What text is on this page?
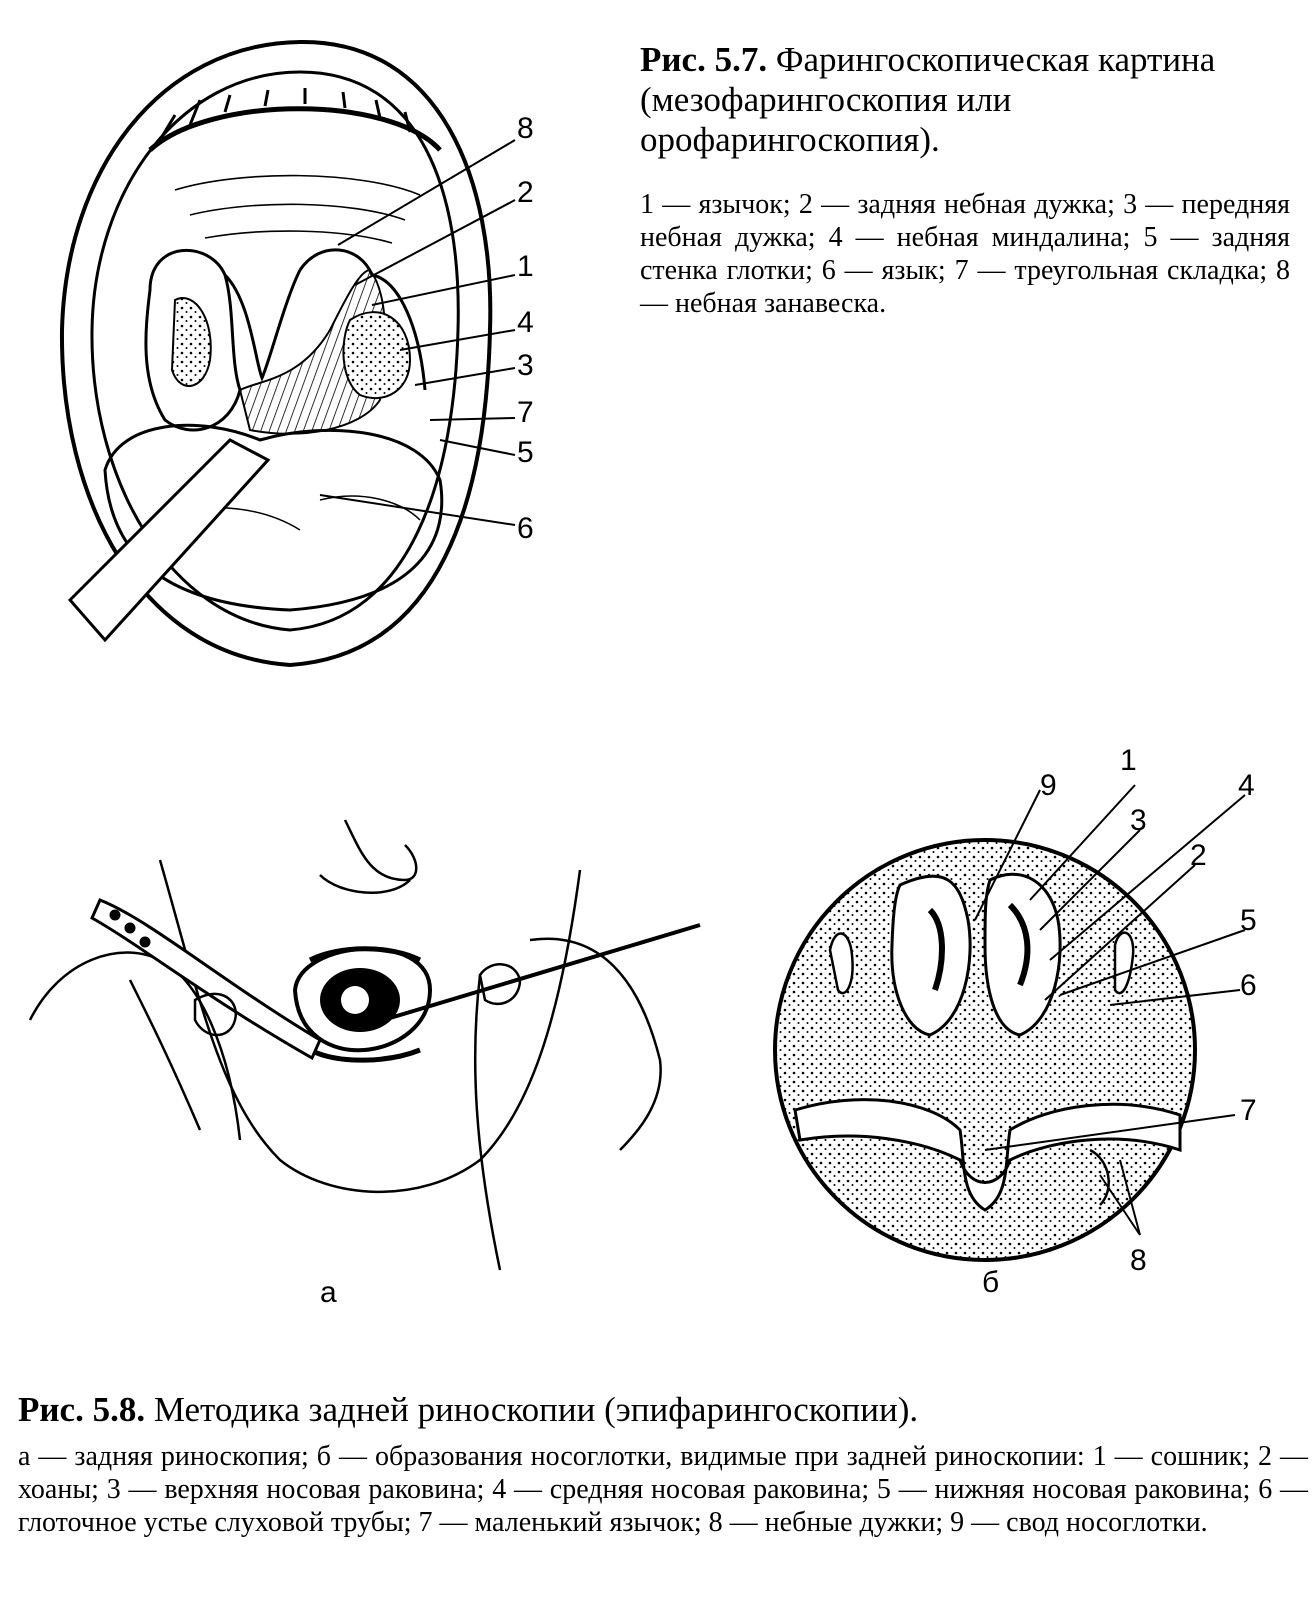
8
2
1
4
3
7
5
6
а
9
1
3
4
2
5
6
7
8
б
Рис. 5.7. Фарингоскопическая картина (мезофарингоскопия или орофарингоскопия).
1 — язычок; 2 — задняя небная дужка; 3 — передняя небная дужка; 4 — небная миндалина; 5 — задняя стенка глотки; 6 — язык; 7 — треугольная складка; 8 — небная занавеска.
Рис. 5.8. Методика задней риноскопии (эпифарингоскопии).
а — задняя риноскопия; б — образования носоглотки, видимые при задней риноскопии: 1 — сошник; 2 — хоаны; 3 — верхняя носовая раковина; 4 — средняя носовая раковина; 5 — нижняя носовая раковина; 6 — глоточное устье слуховой трубы; 7 — маленький язычок; 8 — небные дужки; 9 — свод носоглотки.
